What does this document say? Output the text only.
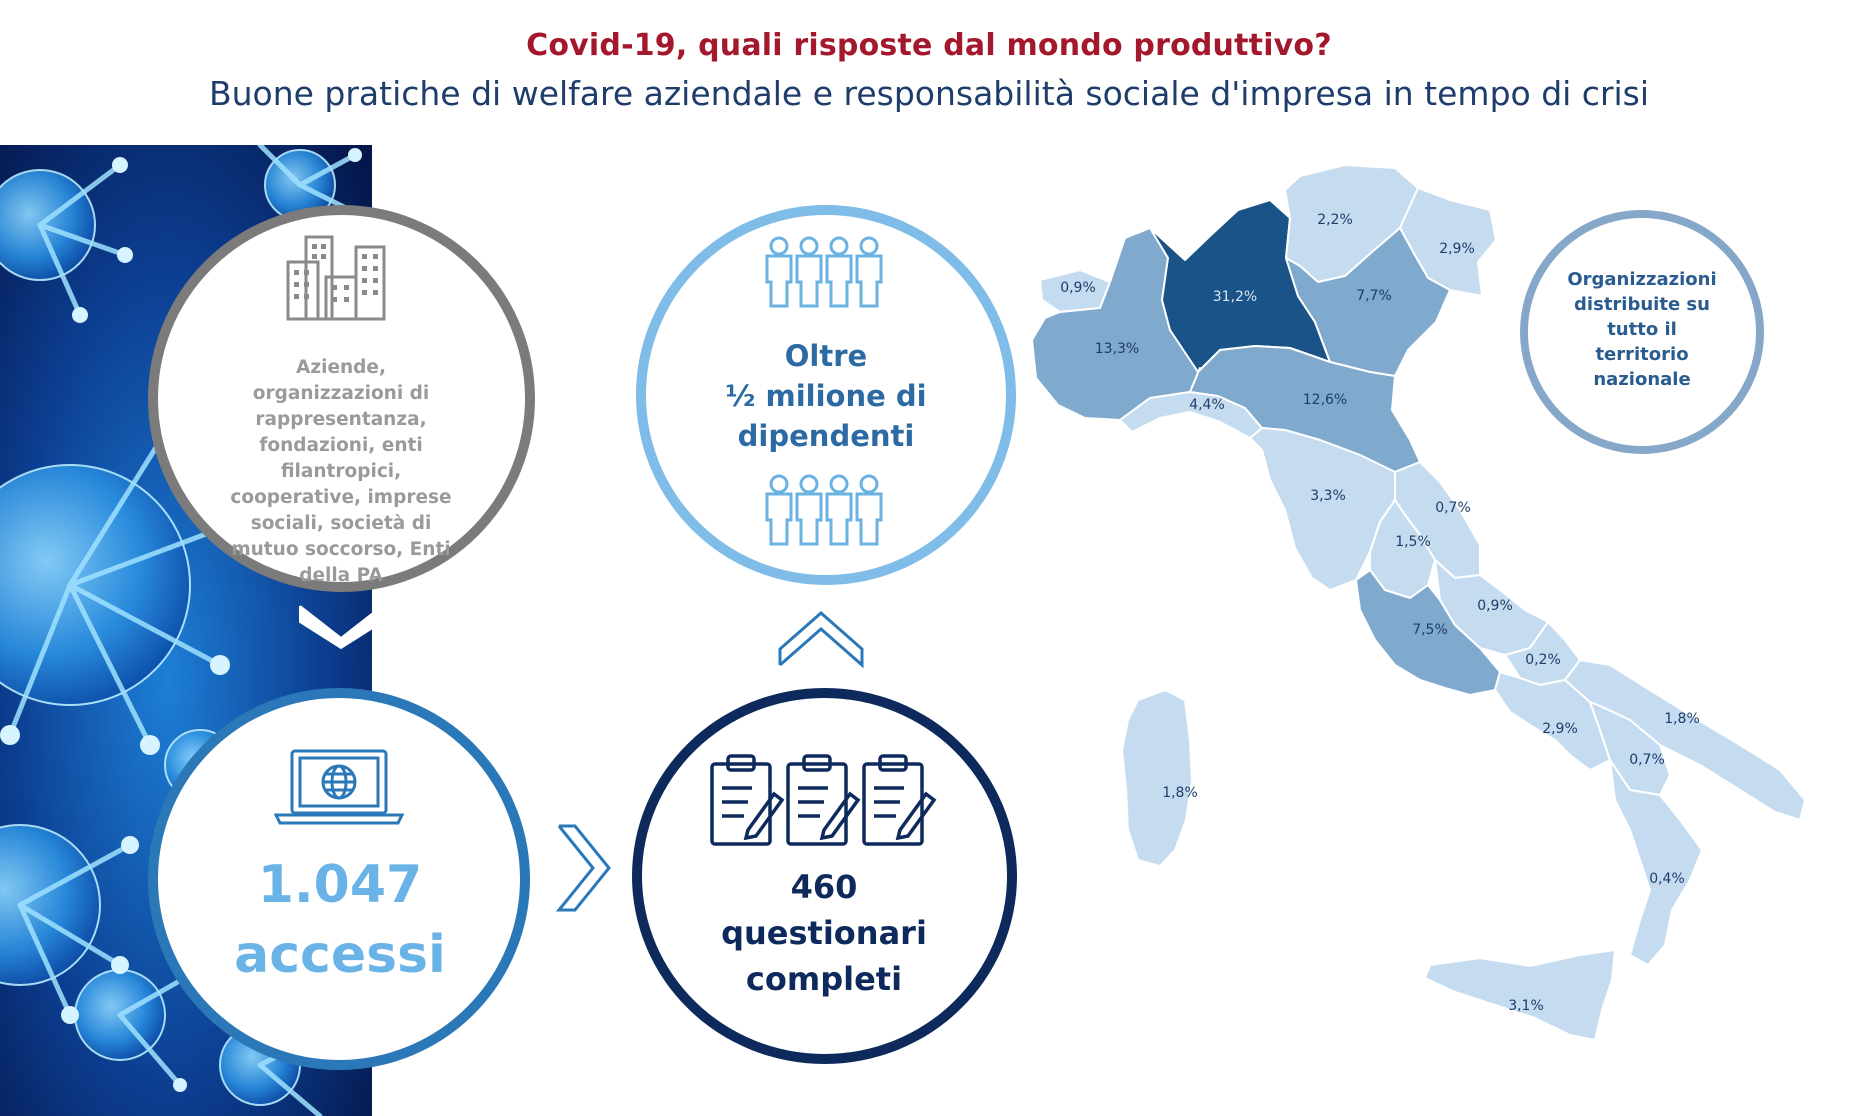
Covid-19, quali risposte dal mondo produttivo?
Buone pratiche di welfare aziendale e responsabilità sociale d'impresa in tempo di crisi
Aziende, organizzazioni di rappresentanza, fondazioni, enti filantropici, cooperative, imprese sociali, società di mutuo soccorso, Enti della PA
1.047
accessi
Oltre
½ milione di
dipendenti
460
questionari
completi
0,9%
13,3%
31,2%
2,2%
2,9%
7,7%
4,4%	12,6%
3,3%
0,7%
1,5%
7,5%
0,9%
0,2%
2,9%
1,8%
0,7%
1,8%
0,4%
3,1%
Organizzazioni
distribuite su
tutto il
territorio
nazionale
